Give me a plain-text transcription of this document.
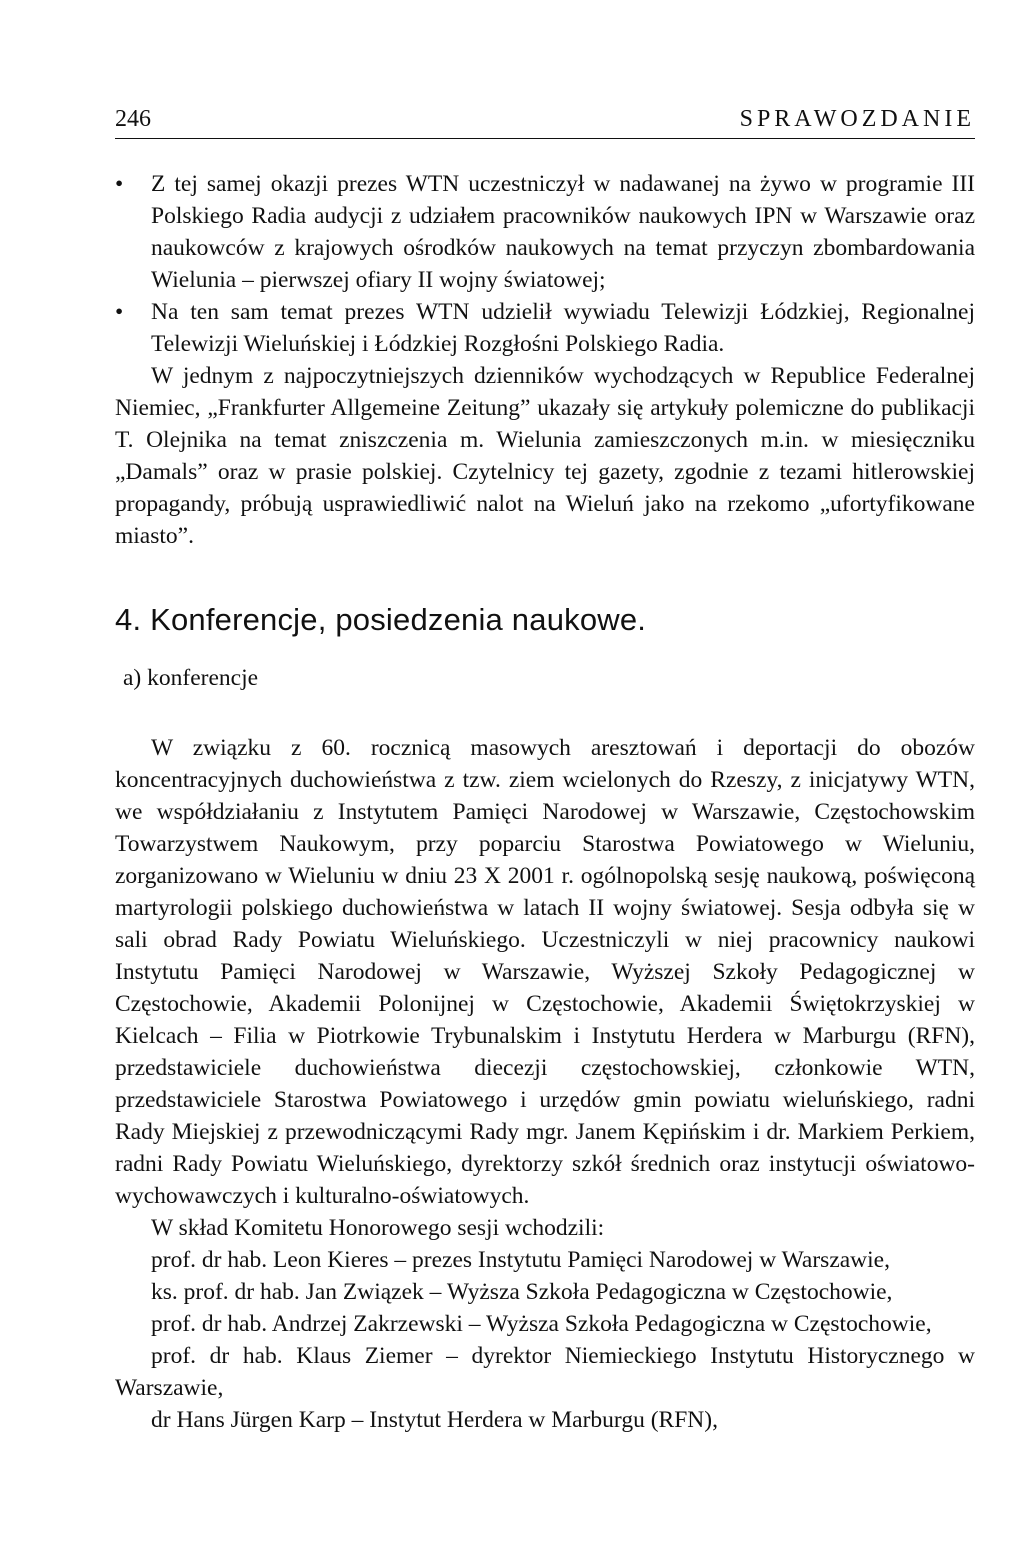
246	SPRAWOZDANIE

•	Z tej samej okazji prezes WTN uczestniczył w nadawanej na żywo w programie III Polskiego Radia audycji z udziałem pracowników naukowych IPN w Warszawie oraz naukowców z krajowych ośrodków naukowych na temat przyczyn zbombardowania Wielunia – pierwszej ofiary II wojny światowej;

•	Na ten sam temat prezes WTN udzielił wywiadu Telewizji Łódzkiej, Regionalnej Telewizji Wieluńskiej i Łódzkiej Rozgłośni Polskiego Radia.

W jednym z najpoczytniejszych dzienników wychodzących w Republice Federalnej Niemiec, „Frankfurter Allgemeine Zeitung” ukazały się artykuły polemiczne do publikacji T. Olejnika na temat zniszczenia m. Wielunia zamieszczonych m.in. w miesięczniku „Damals” oraz w prasie polskiej. Czytelnicy tej gazety, zgodnie z tezami hitlerowskiej propagandy, próbują usprawiedliwić nalot na Wieluń jako na rzekomo „ufortyfikowane miasto”.

4. Konferencje, posiedzenia naukowe.

a) konferencje

W związku z 60. rocznicą masowych aresztowań i deportacji do obozów koncentracyjnych duchowieństwa z tzw. ziem wcielonych do Rzeszy, z inicjatywy WTN, we współdziałaniu z Instytutem Pamięci Narodowej w Warszawie, Częstochowskim Towarzystwem Naukowym, przy poparciu Starostwa Powiatowego w Wieluniu, zorganizowano w Wieluniu w dniu 23 X 2001 r. ogólnopolską sesję naukową, poświęconą martyrologii polskiego duchowieństwa w latach II wojny światowej. Sesja odbyła się w sali obrad Rady Powiatu Wieluńskiego. Uczestniczyli w niej pracownicy naukowi Instytutu Pamięci Narodowej w Warszawie, Wyższej Szkoły Pedagogicznej w Częstochowie, Akademii Polonijnej w Częstochowie, Akademii Świętokrzyskiej w Kielcach – Filia w Piotrkowie Trybunalskim i Instytutu Herdera w Marburgu (RFN), przedstawiciele duchowieństwa diecezji częstochowskiej, członkowie WTN, przedstawiciele Starostwa Powiatowego i urzędów gmin powiatu wieluńskiego, radni Rady Miejskiej z przewodniczącymi Rady mgr. Janem Kępińskim i dr. Markiem Perkiem, radni Rady Powiatu Wieluńskiego, dyrektorzy szkół średnich oraz instytucji oświatowo-wychowawczych i kulturalno-oświatowych.

W skład Komitetu Honorowego sesji wchodzili:

prof. dr hab. Leon Kieres – prezes Instytutu Pamięci Narodowej w Warszawie,

ks. prof. dr hab. Jan Związek – Wyższa Szkoła Pedagogiczna w Częstochowie,

prof. dr hab. Andrzej Zakrzewski – Wyższa Szkoła Pedagogiczna w Częstochowie,

prof. dr hab. Klaus Ziemer – dyrektor Niemieckiego Instytutu Historycznego w Warszawie,

dr Hans Jürgen Karp – Instytut Herdera w Marburgu (RFN),
